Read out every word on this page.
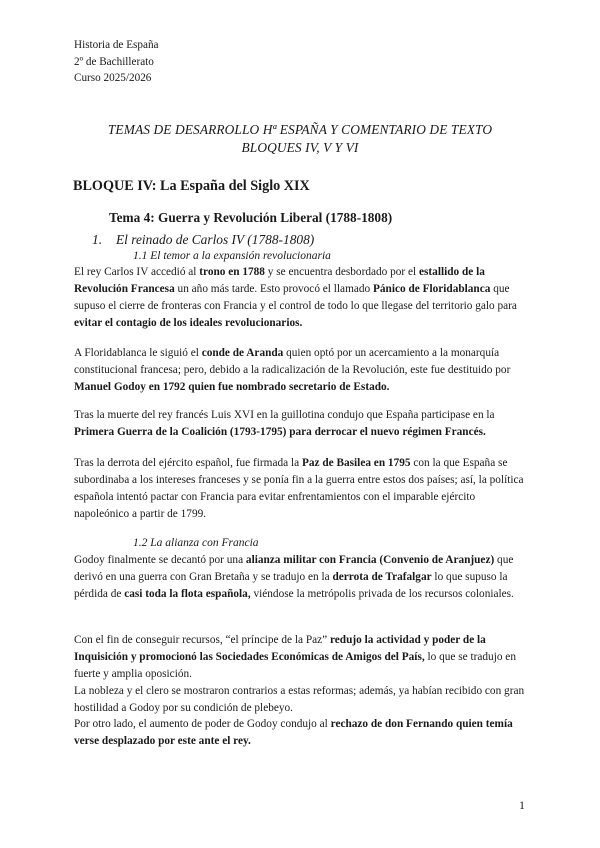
Historia de España
2º de Bachillerato
Curso 2025/2026
TEMAS DE DESARROLLO Hª ESPAÑA Y COMENTARIO DE TEXTO
BLOQUES IV, V Y VI
BLOQUE IV: La España del Siglo XIX
Tema 4: Guerra y Revolución Liberal (1788-1808)
1. El reinado de Carlos IV (1788-1808)
1.1 El temor a la expansión revolucionaria
El rey Carlos IV accedió al trono en 1788 y se encuentra desbordado por el estallido de la Revolución Francesa un año más tarde. Esto provocó el llamado Pánico de Floridablanca que supuso el cierre de fronteras con Francia y el control de todo lo que llegase del territorio galo para evitar el contagio de los ideales revolucionarios.
A Floridablanca le siguió el conde de Aranda quien optó por un acercamiento a la monarquía constitucional francesa; pero, debido a la radicalización de la Revolución, este fue destituido por Manuel Godoy en 1792 quien fue nombrado secretario de Estado.
Tras la muerte del rey francés Luis XVI en la guillotina condujo que España participase en la Primera Guerra de la Coalición (1793-1795) para derrocar el nuevo régimen Francés.
Tras la derrota del ejército español, fue firmada la Paz de Basilea en 1795 con la que España se subordinaba a los intereses franceses y se ponía fin a la guerra entre estos dos países; así, la política española intentó pactar con Francia para evitar enfrentamientos con el imparable ejército napoleónico a partir de 1799.
1.2 La alianza con Francia
Godoy finalmente se decantó por una alianza militar con Francia (Convenio de Aranjuez) que derivó en una guerra con Gran Bretaña y se tradujo en la derrota de Trafalgar lo que supuso la pérdida de casi toda la flota española, viéndose la metrópolis privada de los recursos coloniales.
Con el fin de conseguir recursos, “el príncipe de la Paz” redujo la actividad y poder de la Inquisición y promocionó las Sociedades Económicas de Amigos del País, lo que se tradujo en fuerte y amplia oposición.
La nobleza y el clero se mostraron contrarios a estas reformas; además, ya habían recibido con gran hostilidad a Godoy por su condición de plebeyo.
Por otro lado, el aumento de poder de Godoy condujo al rechazo de don Fernando quien temía verse desplazado por este ante el rey.
1
